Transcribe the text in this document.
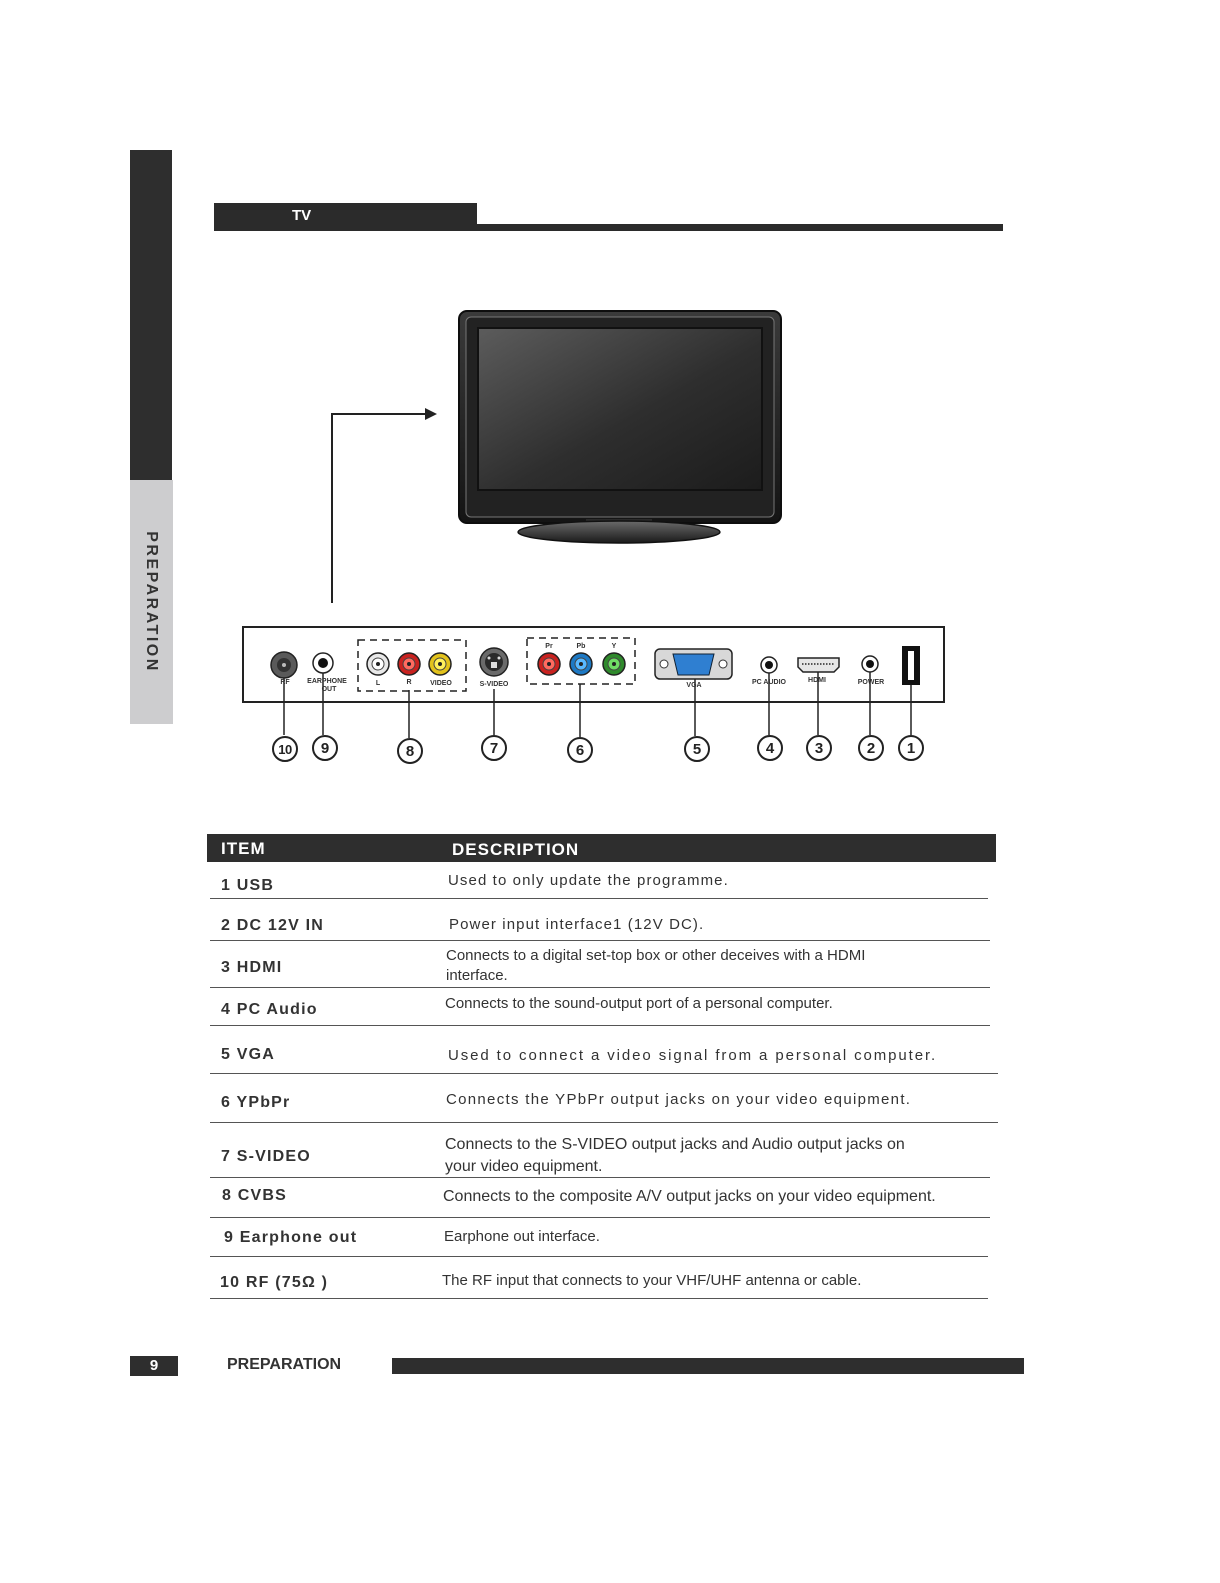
PREPARATION
TV
RF	EARPHONE
OUT
L	R	VIDEO	S-VIDEO
Pr	Pb	Y
VGA	PC AUDIO	HDMI	POWER
10	9	8	7	6	5	4	3	2	1
ITEM	DESCRIPTION
1 USB	Used to only update the programme.
2 DC 12V IN	Power input interface1 (12V DC).
3 HDMI
Connects to a digital set-top box or other deceives with a HDMI
interface.
4 PC Audio	Connects to the sound-output port of a personal computer.
5 VGA	Used to connect a video signal from a personal computer.
6 YPbPr	Connects the YPbPr output jacks on your video equipment.
7 S-VIDEO
Connects to the S-VIDEO output jacks and Audio output jacks on
your video equipment.
8 CVBS	Connects to the composite A/V output jacks on your video equipment.
9 Earphone out	Earphone out interface.
10 RF (75Ω )	The RF input that connects to your VHF/UHF antenna or cable.
9	PREPARATION
